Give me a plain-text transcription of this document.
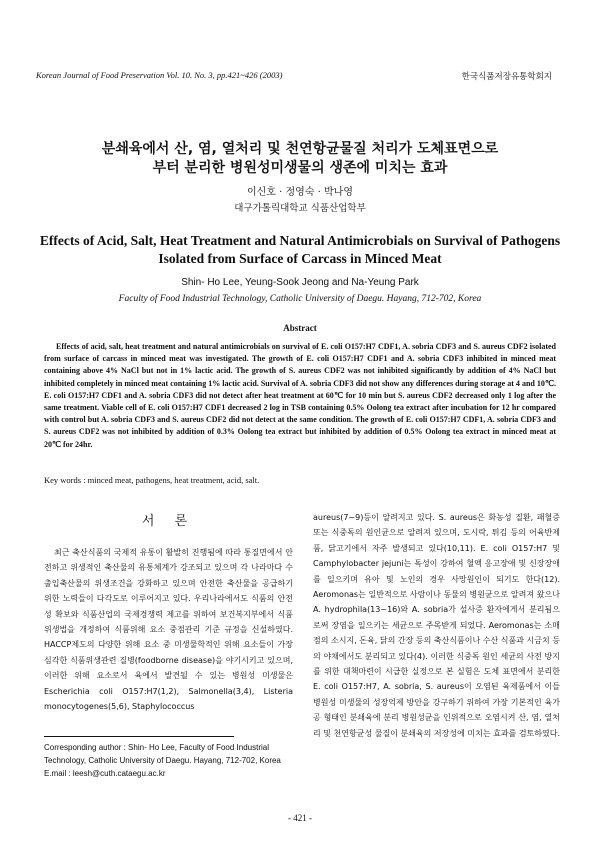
Korean Journal of Food Preservation Vol. 10. No. 3, pp.421~426 (2003)	한국식품저장유통학회지
분쇄육에서 산, 염, 열처리 및 천연항균물질 처리가 도체표면으로부터 분리한 병원성미생물의 생존에 미치는 효과
이신호 · 정영숙 · 박나영
대구가톨릭대학교 식품산업학부
Effects of Acid, Salt, Heat Treatment and Natural Antimicrobials on Survival of Pathogens Isolated from Surface of Carcass in Minced Meat
Shin- Ho Lee, Yeung-Sook Jeong and Na-Yeung Park
Faculty of Food Industrial Technology, Catholic University of Daegu. Hayang, 712-702, Korea
Abstract
Effects of acid, salt, heat treatment and natural antimicrobials on survival of E. coli O157:H7 CDF1, A. sobria CDF3 and S. aureus CDF2 isolated from surface of carcass in minced meat was investigated. The growth of E. coli O157:H7 CDF1 and A. sobria CDF3 inhibited in minced meat containing above 4% NaCl but not in 1% lactic acid. The growth of S. aureus CDF2 was not inhibited significantly by addition of 4% NaCl but inhibited completely in minced meat containing 1% lactic acid. Survival of A. sobria CDF3 did not show any differences during storage at 4 and 10℃. E. coli O157:H7 CDF1 and A. sobria CDF3 did not detect after heat treatment at 60℃ for 10 min but S. aureus CDF2 decreased only 1 log after the same treatment. Viable cell of E. coli O157:H7 CDF1 decreased 2 log in TSB containing 0.5% Oolong tea extract after incubation for 12 hr compared with control but A. sobria CDF3 and S. aureus CDF2 did not detect at the same condition. The growth of E. coli O157:H7 CDF1, A. sobria CDF3 and S. aureus CDF2 was not inhibited by addition of 0.3% Oolong tea extract but inhibited by addition of 0.5% Oolong tea extract in minced meat at 20℃ for 24hr.
Key words : minced meat, pathogens, heat treatment, acid, salt.
서 론
최근 축산식품의 국제적 유통이 활발히 진행됨에 따라 통질면에서 안전하고 위생적인 축산물의 유통체계가 강조되고 있으며 각 나라마다 수출입축산물의 위생조건을 강화하고 있으며 안전한 축산물을 공급하기 위한 노력들이 다각도로 이루어지고 있다. 우리나라에서도 식품의 안전성 확보와 식품산업의 국제경쟁력 제고를 위하여 보건복지부에서 식품위생법을 개정하여 식품위해 요소 중점관리 기준 규정을 신설하였다. HACCP제도의 다양한 위해 요소 중 미생물학적인 위해 요소들이 가장 심각한 식품위생관련 질병(foodborne disease)을 야기시키고 있으며, 이러한 위해 요소로서 육에서 발견될 수 있는 병원성 미생물은 Escherichia coli O157:H7(1,2), Salmonella(3,4), Listeria monocytogenes(5,6), Staphylococcus
aureus(7~9)등이 알려지고 있다. S. aureus은 화농성 질환, 패혈증 또는 식중독의 원인균으로 알려져 있으며, 도시락, 튀김 등의 어육반제품, 닭고기에서 자주 발생되고 있다(10,11). E. coli O157:H7 및 Camphylobacter jejuni는 독성이 강하여 혈액 응고장애 및 신장장애를 일으키며 유아 및 노인의 경우 사망원인이 되기도 한다(12). Aeromonas는 일반적으로 사람이나 동물의 병원균으로 알려져 왔으나 A. hydrophila(13~16)와 A. sobria가 설사증 환자에게서 분리됨으로써 장염을 일으키는 세균으로 주목받게 되었다. Aeromonas는 소매점의 소시지, 돈육, 닭의 간장 등의 축산식품이나 수산 식품과 시금치 등의 야채에서도 분리되고 있다(4). 이러한 식중독 원인 세균의 사전 방지를 위한 대책마련이 시급한 실정으로 본 실험은 도체 표면에서 분리한 E. coli O157:H7, A. sobria, S. aureus이 오염된 육제품에서 이들 병원성 미생물의 성장억제 방안을 강구하기 위하여 가장 기본적인 육가공 형태인 분쇄육에 분리 병원성균을 인위적으로 오염시켜 산, 염, 열처리 및 천연항균성 물질이 분쇄육의 저장성에 미치는 효과를 검토하였다.
Corresponding author : Shin- Ho Lee, Faculty of Food Industrial Technology, Catholic University of Daegu. Hayang, 712-702, Korea
E.mail : leesh@cuth.cataegu.ac.kr
- 421 -
